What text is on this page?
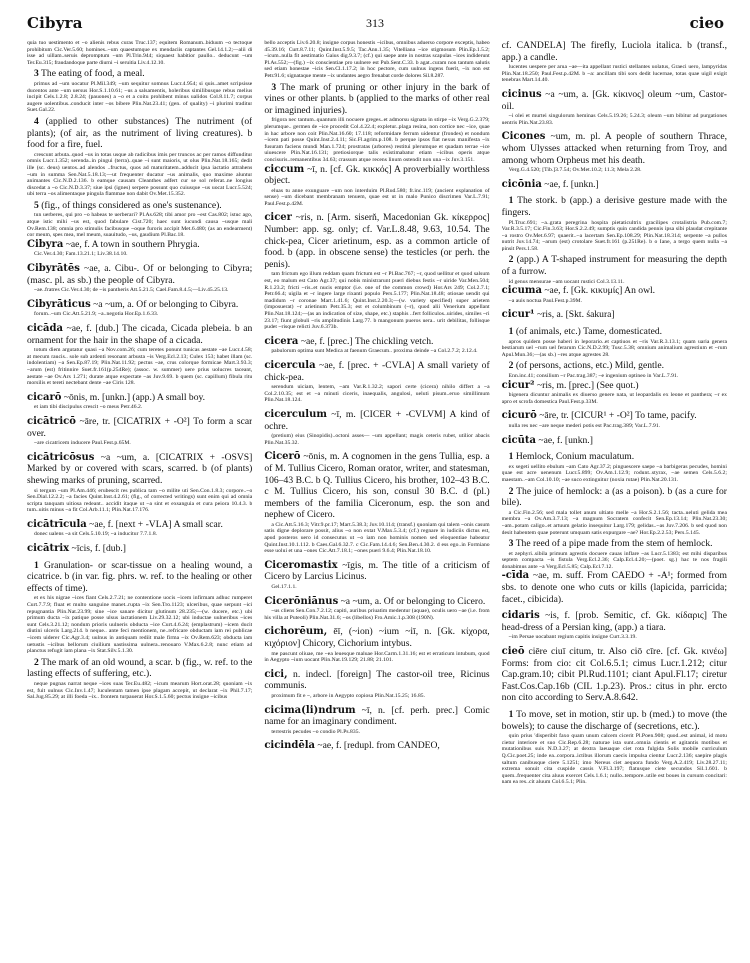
Cibyra	313	cieo
quia tuo uestimento et ~o alienis rebus curas Truc.137; equitem Romanum..biduum ~o tectoque prohibitum Cic.Ver.5.60; homines..~um quaestumque ex mendaciis captantes Gel.14.1.2;—alii di isse ad uillam..seruis depromptum ~um Pl.Trin.944; siquaest habitior paullo.. deducunt ~um Ter.Eu.315; fraudandoque parte diurni ~i seruitia Liv.4.12.10.
3 The eating of food, a meal.
primus ad ~um uocatur Pl.Mil.349; ~um sequitur somnus Lucr.4.954; si quis..amet scripsisse ducentos ante ~um uersus Hor.S.1.10.61; ~us a salsamentis, holeribus similibusque rebus melius incipit Cels.1.2.8; 2.8.24; (pauones) a ~o et a coitu prohibent minus ualidos Col.8.11.7; corpus augere uolentibus..conducit inter ~os bibere Plin.Nat.23.41; (gen. of quality) ~i plurimi traditur Suet.Gal.22.
4 (applied to other substances) The nutriment (of plants); (of air, as the nutriment of living creatures). b food for a fire, fuel.
crescunt arbuta..quod ~us in totas usque ab radicibus imis per truncos ac per ramos diffunditur omnis Lucr.1.352; serenda..in pingui (terra)..quae ~i sunt maioris, ut olus Plin.Nat.18.165; dedit ille (sc. deus) uentos..ad alendos ..fructus, quos ad maturitatem..adducit ipsa iactatio attrahens ~um in summa Sen.Nat.5.18.13;—ut frequenter ducatur ~us animalis, quo maxime aluntur animantes Cic.N.D.2.136. b eamque causam Cleanthes adfert cur se sol referat..ne longius discedat a ~o Cic.N.D.3.37; siue ipsi (ignes) serpere possunt quo cuiusque ~us uocat Lucr.5.524; ubi terra ~os alimentaque pingula flammae non dabit Ov.Met.15.352.
5 (fig., of things considered as one's sustenance).
tun uerberes, qui pro ~o habeas te uerberari? Pl.As.628; tibi amor pro ~est Cas.802; istuc ago, atque istic mihi ~us est, quod fabulare Cist.720; haec sunt iucundi causa ~usque mali Ov.Rem.138; omnia pro stimulis facibusque ~oque furoris accipit Met.6.480; (as an endearment) cor meum, spes mea, mel meum, suauitudo, ~us, gaudium Pl.Bac.18.
Cibyra ~ae, f. A town in southern Phrygia.
Cic.Ver.4.30; Fam.13.21.1; Liv.38.14.10.
Cibyrātēs ~ae, a. Cibu-. Of or belonging to Cibyra; (masc. pl. as sb.) the people of Cibyra.
~ae..fratres Cic.Ver.4.30; de ~is pantheris Att.5.21.5; Cael.Fam.8.4.5;—Liv.45.25.13.
Cibyrāticus ~a ~um, a. Of or belonging to Cibyra.
forum..~um Cic.Att.5.21.9; ~a..negotia Hor.Ep.1.6.33.
cicāda ~ae, f. [dub.] The cicada, Cicada plebeia. b an ornament for the hair in the shape of a cicada.
totum diem argutatur quasi ~a Nov.com.26; cum teretes ponunt tunicas aestate ~ae Lucr.4.58; at mecum raucis.. sole sub ardenti resonant arbusta ~is Verg.Ecl.2.13; Culex 153; habet illam (sc. indolentiam) ~a Sen.Ep.87.19; Plin.Nat.11.92; pectus ~ae, crus colorque formicae Mart.3.93.3; ~arum (est) fritinnire Suet.fr.161(p.254Re); (assoc. w. summer) uere prius uolucres taceant, aestate ~ae Ov.Ars 1.271; durate atque expectate ~as Juv.9.69. b quem (sc. capillum) fibula ritu morsilis et tereti nectebant dente ~ae Ciris 128.
cicarō ~ōnis, m. [unkn.] (app.) A small boy.
et iam tibi discipulus crescit ~o meus Petr.46.2.
cicātricō ~āre, tr. [CICATRIX + -O²] To form a scar over.
~are cicatricem inducere Paul.Fest.p.65M.
cicātricōsus ~a ~um, a. [CICATRIX + -OSVS] Marked by or covered with scars, scarred. b (of plants) shewing marks of pruning, scarred.
si tergum ~um Pl.Am.446; erubescit res publica tam ~o milite uti Sen.Con.1.8.3; corpore..~o Sen.Dial.12.2.2; ~a facies Quint.Inst.4.2.61; (fig., of corrected writings) sunt enim qui ad omnia scripta tanquam uitiosa redeant.. accidit itaque ut ~a sint et exsanguia et cura peiora 10.4.3. b tum..uitis minus ~a fit Col.Arb.11.1; Plin.Nat.17.176.
cicātrīcula ~ae, f. [next + -VLA] A small scar.
donec ualens ~a sit Cels.5.10.19; ~a inducitur 7.7.1.8.
cicātrix ~īcis, f. [dub.]
1 Granulation- or scar-tissue on a healing wound, a cicatrice. b (in var. fig. phrs. w. ref. to the healing or other effects of time).
et ex his nigrae ~ices fiant Cels.2.7.21; ne contentione uocis ~icem infirmam adhuc rumperet Curt.7.7.9; fluat et multo sanguine manet..rupta ~ix Sen.Tro.1123; ulceribus, quae serpunt ~ici repugnantia Plin.Nat.23.99; sine ~ice sanare dicitur glutinum 28.235;—(w. ducere, etc.) ubi primum ducta ~ix patique posse ulsus iactationem Liv.29.32.12; ubi inductae uulneribus ~ices sunt Cels.3.21.12; nondum prioris uulneris obducta ~ice Curt.4.6.24; (emplastrum) ~icem ducit diutini ulceris Larg.214. b neque.. ante feci mentionem, ne..refricare obductam iam rei publicae ~icem uiderer Cic.Agr.3.4; uulnus in antiquam rediit male firma ~ix Ov.Rem.623; obducta iam uetustis ~icibus bellorum ciuilium uastissima uulnera..renouaro V.Max.6.2.8; nunc etiam ad planctus refugit iam plana ~ix Stat.Silv.5.1.30.
2 The mark of an old wound, a scar. b (fig., w. ref. to the lasting effects of suffering, etc.).
neque pugnas narrat neque ~ices suas Ter.Eu.482; ~icum mearum Hort.orat.28; quoniam ~ix est, fuit uulnus Cic.Inv.1.47; luculentam tamen ipse plagam accepit, ut declarat ~ix Phil.7.17; Sal.Jug.85.29; at illi foeda ~ix.. frontem turpauerat Hor.S.1.5.60; pectus insigne ~icibus
bello acceptis Liv.6.20.8; insigne corpus honestis ~icibus, omnibus aduerso corpore exceptis, habeo 45.39.16; Curt.8.7.11; Quint.Inst.5.9.5; Tac.Ann.1.35; Vitelliana ~ice stigmosum Plin.Ep.1.5.2; ~icum..nulla fit aestimatio Gaius dig.9.3.7; (cf.) qui saepe ante in nostras scapulas ~ices indiderunt Pl.As.552;—(fig.) ~ix conscientiae pro uulnere est Pub.Sent.C.33. b agat..curam non tantum salutis sed etiam honestae ~icis Sen.Cl.1.17.2; in hoc pectore, cum uulnus ingens fuerit, ~ix non est Petr.91.6; signataque mente ~ix undantes aegro frenabat corde dolores Sil.8.287.
3 The mark of pruning or other injury in the bark of vines or other plants. b (applied to the marks of other real or imagined injuries).
frigora nec tantum..quantum illi nocuere greges..et admorsu signata in stirpe ~ix Verg.G.2.379; plerumque.. germen de ~ice procedit Col.4.22.4; expletur..plaga resina, non cortice nec ~ice, quae in hac arbore non coit Plin.Nat.16.60; 17.118; reformidare ferrum uidentur (frondes) et nondum ~icem pati posse Quint.Inst.2.4.11; Sic.Fl.agrim.p.108. b perque ipsos fiat nexus manifesta ~ix fusuram faciens mundi Man.1.724; prostratas (arbores) restitui plerumque et quadam terrae ~ice uiuescere Plin.Nat.16.131; pretiosiorque talis existimabatur etiam ~icibus operis atque concisuris..remanentibus 34.63; crassum atque recens linum ostendit non una ~ix Juv.3.151.
ciccum ~ī, n. [cf. Gk. κικκός] A proverbially worthless object.
eluas tu anne exunguare ~um non interduim Pl.Rud.580; fr.inc.119; (ancient explanation of sense) ~um dicebant membranam tenuem, quae est ut in malo Punico discrimen Var.L.7.91; Paul.Fest.p.42M.
cicer ~ris, n. [Arm. siserň, Macedonian Gk. κίκερρος] Number: app. sg. only; cf. Var.L.8.48, 9.63, 10.54. The chick-pea, Cicer arietinum, esp. as a common article of food. b (app. in obscene sense) the testicles (or perh. the penis).
tam frictum ego illum reddam quam frictum est ~r Pl.Bac.767; ~r, quod uellitur et quod salsum est, eo malum est Cato Agr.37; qui nobis ministrarunt pueri diebus festis ~r uiride Var.Men.504; R.1.23.2; fricti ~ris..et nucis emptor (i.e. one of the common crowd) Hor.Ars 249; Col.2.7.1; Petr.66.4; uigila et ~r ingere large rixanti populo Pers.5.177; Plin.Nat.18.48; otiosae uendit qui madidum ~r coronae Mart.1.41.6; Quint.Inst.2.20.3;—(w. variety specified) super arietem (imposuerat) ~r arietinum Petr.35.3; est et columbinum (~r), quod alii Venerium appellant Plin.Nat.18.124;—(as an indication of size, shape, etc.) staphis ..fert folliculos..uirides, similes ~ri 23.17; fiunt globuli ~ris amplitudinis Larg.77. b mangonum pueros uera.. urit debilitas, follisque pudet ~risque relicti Juv.6.373b.
cicera ~ae, f. [prec.] The chickling vetch.
pabulorum optima sunt Medica at faenum Graecum.. proxima deinde ~a Col.2.7.2; 2.12.4.
cicercula ~ae, f. [prec. + -CVLA] A small variety of chick-pea.
serendum uiciam, lentem, ~am Var.R.1.32.2; sapori certe (cicera) nihilo differt a ~a Col.2.10.35; est et ~a minuti ciceris, inaequalis, angulosi, ueluti pisum..eruo simillimum Plin.Nat.18.124.
cicerculum ~ī, m. [CICER + -CVLVM] A kind of ochre.
(pretium) eius (Sinopidis)..octoni asses— ~um appellant; magis ceteris rubet, utilior abacis Plin.Nat.35.32.
Cicerō ~ōnis, m. A cognomen in the gens Tullia, esp. a of M. Tullius Cicero, Roman orator, writer, and statesman, 106–43 B.C. b Q. Tullius Cicero, his brother, 102–43 B.C. c M. Tullius Cicero, his son, consul 30 B.C. d (pl.) members of the familia Ciceronum, esp. the son and nephew of Cicero.
a Cic.Att.5.16.3; Vitr.9.pr.17; Mart.5.38.3; Juv.10.114; (transf.) quoniam qui talem ~onis casum satis digne deplorare possit, alius ~o non extat V.Max.5.3.4; (cf.) regnare in iudiciis dictus est, apud posteros uero id consecutus ut ~o iam non hominis nomen sed eloquentiae habeatur Quint.Inst.10.1.112. b Caes.Gal.6.32.7. c Cic.Fam.14.4.6; Sen.Ben.4.30.2. d ess ego..in Formiano esse uolui et una ~ones Cic.Att.7.18.1; ~ones pueri 9.6.4; Plin.Nat.18.10.
Ciceromastix ~īgis, m. The title of a criticism of Cicero by Larcius Licinus.
Gel.17.1.1.
Cicerōniānus ~a ~um, a. Of or belonging to Cicero.
~us cliens Sen.Con.7.2.12; capiti, auribus priuatim medentur (aquae), oculis uero ~ae (i.e. from his villa at Puteoli) Plin.Nat.31.6; ~os (libellos) Fro.Amic.1.p.308 (190N).
cichorēum, ēī, (~ion) ~ium ~iī, n. [Gk. κίχορα, κιχόριον] Chicory, Cichorium intybus.
me pascunt oliuae, me ~ea leuesque maluae Hor.Carm.1.31.16; est et erraticum intubum, quod in Aegypto ~ium uocant Plin.Nat.19.129; 21.88; 21.101.
cici, n. indecl. [foreign] The castor-oil tree, Ricinus communis.
proximum fit e ~, arbore in Aegypto copiosa Plin.Nat.15.25; 16.85.
cicima(li)ndrum ~ī, n. [cf. perh. prec.] Comic name for an imaginary condiment.
terrestris pecudes ~o condio Pl.Ps.835.
cicindēla ~ae, f. [redupl. from CANDEO,
cf. CANDELA] The firefly, Luciola italica. b (transf., app.) a candle.
lucentes uespere per arua ~ae—ita appellant rustici stellantes uolatus, Graeci uero, lampyridas Plin.Nat.18.250; Paul.Fest.p.42M. b ~a: ancillam tibi sors dedit lucernae, totas quae uigil exigit tenebras Mart.14.40.
cicinus ~a ~um, a. [Gk. κίκινος] oleum ~um, Castor-oil.
~i olei et murtei singulorum heminas Cels.5.19.26; 5.24.3; oleum ~um bibitur ad purgationes uentris Plin.Nat.23.83.
Cicones ~um, m. pl. A people of southern Thrace, whom Ulysses attacked when returning from Troy, and among whom Orpheus met his death.
Verg.G.4.520; [Tib.]3.7.54; Ov.Met.10.2; 11.3; Mela 2.28.
cicōnia ~ae, f. [unkn.]
1 The stork. b (app.) a derisive gesture made with the fingers.
Pl.Truc.691; ~a..grata peregrina hospita pietaticultrix gracilipes crotalistria Pub.com.7; Var.R.3.5.17; Cic.Fin.3.63; Hor.S.2.2.49; sumptis quin candida pennis ipsa sibi plaudat crepitante ~a rostro Ov.Met.6.97; quaerit..~a lacertam Sen.Ep.108.29; Plin.Nat.18.314; serpente ~a pullos nutrit Juv.14.74; ~arum (est) crotolare Suet.fr.161 (p.251Re). b o Iane, a tergo quem nulla ~a pinsit Pers.1.58.
2 (app.) A T-shaped instrument for measuring the depth of a furrow.
id genus mensurae ~am uocant rustici Col.3.13.11.
cicuma ~ae, f. [Gk. κικυμίς] An owl.
~a auis noctua Paul.Fest.p.39M.
cicur¹ ~ris, a. [Skt. śakura]
1 (of animals, etc.) Tame, domesticated.
apros quidem posse haberi in leporario..et captiuos et ~ris Var.R.3.13.1; quam uaria genera bestiarum uel ~rum uel ferarum Cic.N.D.2.99; Tusc.5.38; omnium animalium agrestium et ~rum Apul.Mun.36;—(as sb.) ~res atque agrestes 28.
2 (of persons, actions, etc.) Mild, gentle.
Enn.inc.41; consilium ~r Pac.trag.387; ~e ingenium optineo in Var.L.7.91.
cicur² ~ris, m. [prec.] (See quot.)
bigenera dicuntur animalis ex diuerso genere nata, ut leopardalis ex leone et panthera; ~r ex apro et scrofa domestica Paul.Fest.p.33M.
cicurō ~āre, tr. [CICUR¹ + -O²] To tame, pacify.
nulla res nec ~are neque mederi potis est Pac.trag.389; Var.L.7.91.
cicūta ~ae, f. [unkn.]
1 Hemlock, Conium maculatum.
ex segeti uellito ebulum ~am Cato Agr.37.2; pinguescere saepe ~a barbigeras pecudes, homini quae est acre uenenum Lucr.5.899; Ov.Am.1.12.9; rodunt..styrax, ~ae semen Cels.5.6.2; maestam..~am Col.10.10; ~ae suco extinguitur (noxia rutae) Plin.Nat.20.131.
2 The juice of hemlock: a (as a poison). b (as a cure for bile).
a Cic.Fin.2.56; sed mala tollet anum ultiato melle ~a Hor.S.2.1.56; tacta..ueluti gelida mea membra ~a Ov.Am.3.7.13; ~a magnum Socratem confecit Sen.Ep.13.14; Plin.Nat.23.30; ~am..potam caligo..et artuum gelatio insequitur Larg.179; gelidas..~as Juv.7.206. b sed quod non desit habentem quae poterunt umquam satis expurgare ~ae? Hor.Ep.2.2.53; Pers.5.145.
3 The reed of a pipe made from the stem of hemlock.
et zephyri..sibila primum agrestis docuere cauas inflare ~as Lucr.5.1383; est mihi disparibus septem compacta ~is fistula Verg.Ecl.2.36; Calp.Ecl.4.20;—(poet. sg.) hac te nos fragili donabimus ante ~a Verg.Ecl.5.85; Calp.Ecl.7.12.
-cīda ~ae, m. suff. From CAEDO + -A¹; formed from sbs. to denote one who cuts or kills (lapicida, parricida; facet., cibicida).
cidaris ~is, f. [prob. Semitic, cf. Gk. κίδαρις] The head-dress of a Persian king, (app.) a tiara.
~im Persae uocabant regium capitis insigne Curt.3.3.19.
cieō ciēre ciuī citum, tr. Also ciō cīre. [cf. Gk. κινέω] Forms: from cio: cit Col.6.5.1; cimus Lucr.1.212; citur Cap.gram.10; cibit Pl.Rud.1101; ciant Apul.Fl.17; ciretur Fast.Cos.Cap.16b (CIL 1.p.23). Pros.: citus in phr. ercto non cito according to Serv.A.8.642.
1 To move, set in motion, stir up. b (med.) to move (the bowels); to cause the discharge of (secretions, etc.).
quin prius 'disperibit faxo quam unum calcem cicerit Pl.Poen.908; quod..est animal, id motu cietur interiore et suo Cic.Rep.6.28; naturae ista sunt..omnia cientis et agitantis motibus et mutationibus suis N.D.3.27; at dextra laeuaque ciet rota fulgida Solis mobile curriculum Q.Cic.poet.25; inde ea..corpora..ictibus illorum caecis impulsa cientur Lucr.2.136; saepire plagis saltum canibusque ciere 5.1251; imo Nereus ciet aequora fundo Verg.A.2.419; Liv.28.27.11; extrema sonuit cita cuspide cassis V.Fl.3.197; flatusque ciete secundos Sil.1.601. b quem..frequenter cita aluus exercet Cels.1.6.1; nullo..tempore..utile est boues in cursum concitari: nam ea res..cit aluum Col.6.5.1; Plin.
